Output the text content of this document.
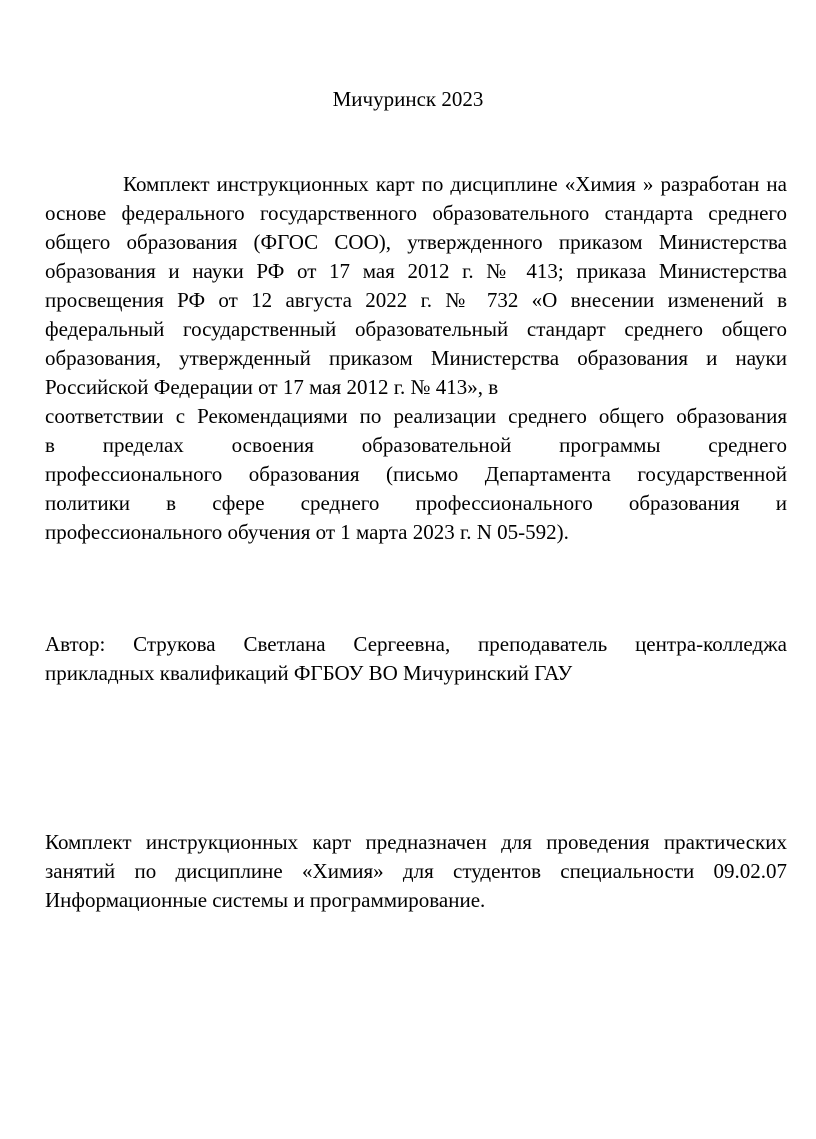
Мичуринск 2023

Комплект инструкционных карт по дисциплине «Химия » разработан на
основе федерального государственного образовательного стандарта среднего
общего образования (ФГОС СОО), утвержденного приказом Министерства
образования и науки РФ от 17 мая 2012 г. № 413; приказа Министерства
просвещения РФ от 12 августа 2022 г. № 732 «О внесении изменений в
федеральный государственный образовательный стандарт среднего общего
образования, утвержденный приказом Министерства образования и науки
Российской Федерации от 17 мая 2012 г. № 413», в
соответствии с Рекомендациями по реализации среднего общего образования
в пределах освоения образовательной программы среднего
профессионального образования (письмо Департамента государственной
политики в сфере среднего профессионального образования и
профессионального обучения от 1 марта 2023 г. N 05-592).
Автор: Струкова Светлана Сергеевна, преподаватель центра-колледжа
прикладных квалификаций ФГБОУ ВО Мичуринский ГАУ
Комплект инструкционных карт предназначен для проведения практических
занятий по дисциплине «Химия» для студентов специальности 09.02.07
Информационные системы и программирование.
